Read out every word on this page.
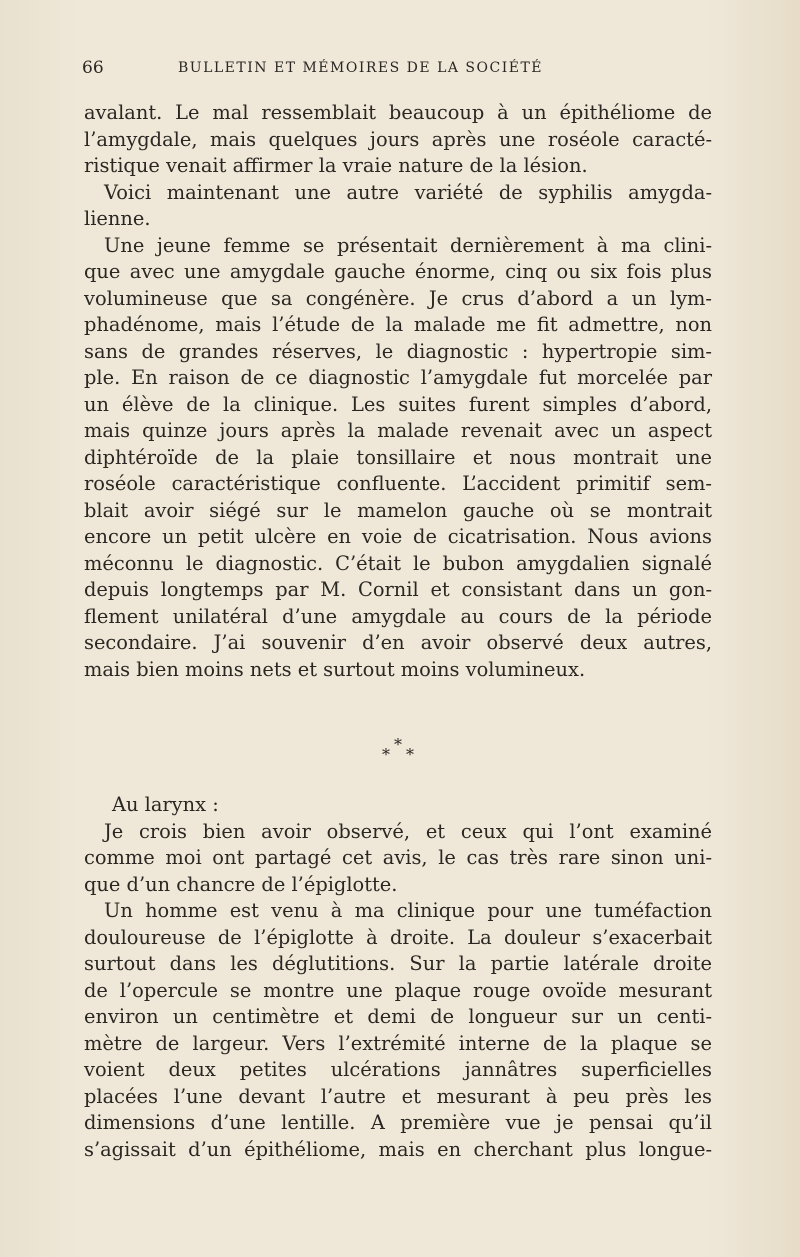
66	BULLETIN ET MÉMOIRES DE LA SOCIÉTÉ
avalant. Le mal ressemblait beaucoup à un épithéliome de
l’amygdale, mais quelques jours après une roséole caracté-
ristique venait affirmer la vraie nature de la lésion.
Voici maintenant une autre variété de syphilis amygda-
lienne.
Une jeune femme se présentait dernièrement à ma clini-
que avec une amygdale gauche énorme, cinq ou six fois plus
volumineuse que sa congénère. Je crus d’abord a un lym-
phadénome, mais l’étude de la malade me fit admettre, non
sans de grandes réserves, le diagnostic : hypertropie sim-
ple. En raison de ce diagnostic l’amygdale fut morcelée par
un élève de la clinique. Les suites furent simples d’abord,
mais quinze jours après la malade revenait avec un aspect
diphtéroïde de la plaie tonsillaire et nous montrait une
roséole caractéristique confluente. L’accident primitif sem-
blait avoir siégé sur le mamelon gauche où se montrait
encore un petit ulcère en voie de cicatrisation. Nous avions
méconnu le diagnostic. C’était le bubon amygdalien signalé
depuis longtemps par M. Cornil et consistant dans un gon-
flement unilatéral d’une amygdale au cours de la période
secondaire. J’ai souvenir d’en avoir observé deux autres,
mais bien moins nets et surtout moins volumineux.
*
* *
Au larynx :
Je crois bien avoir observé, et ceux qui l’ont examiné
comme moi ont partagé cet avis, le cas très rare sinon uni-
que d’un chancre de l’épiglotte.
Un homme est venu à ma clinique pour une tuméfaction
douloureuse de l’épiglotte à droite. La douleur s’exacerbait
surtout dans les déglutitions. Sur la partie latérale droite
de l’opercule se montre une plaque rouge ovoïde mesurant
environ un centimètre et demi de longueur sur un centi-
mètre de largeur. Vers l’extrémité interne de la plaque se
voient deux petites ulcérations jannâtres superficielles
placées l’une devant l’autre et mesurant à peu près les
dimensions d’une lentille. A première vue je pensai qu’il
s’agissait d’un épithéliome, mais en cherchant plus longue-
